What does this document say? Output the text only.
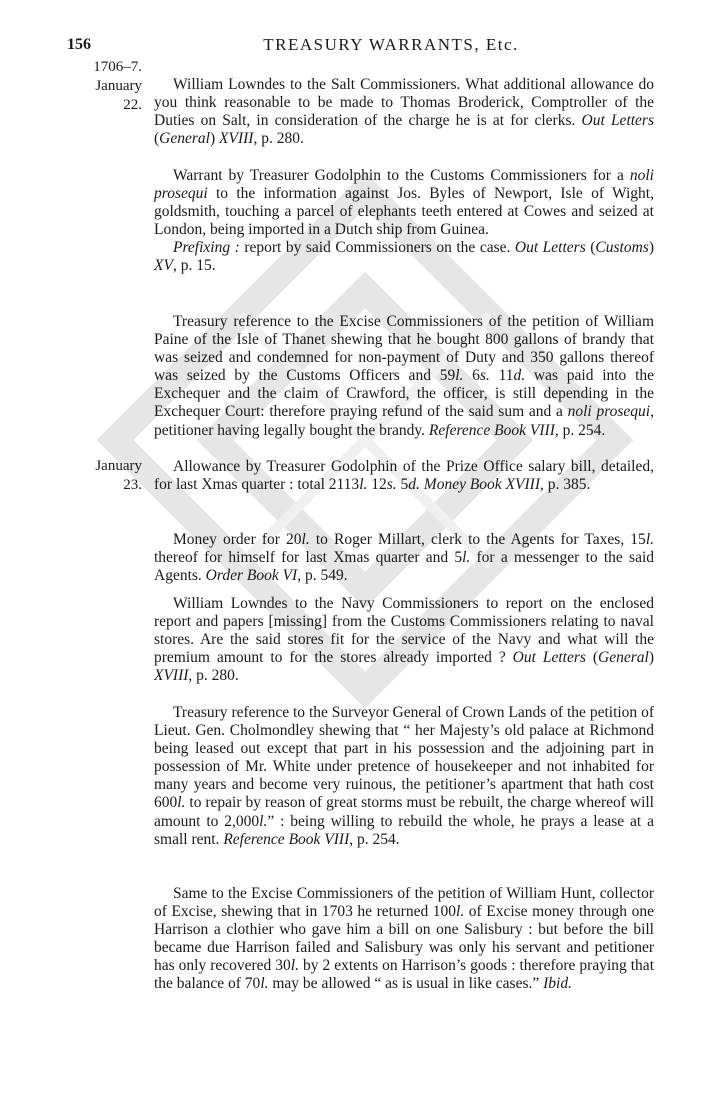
156	TREASURY WARRANTS, Etc.
1706–7.
January
22.
January
23.

William Lowndes to the Salt Commissioners. What additional allowance do you think reasonable to be made to Thomas Broderick, Comptroller of the Duties on Salt, in consideration of the charge he is at for clerks. Out Letters (General) XVIII, p. 280.

Warrant by Treasurer Godolphin to the Customs Commissioners for a noli prosequi to the information against Jos. Byles of Newport, Isle of Wight, goldsmith, touching a parcel of elephants teeth entered at Cowes and seized at London, being imported in a Dutch ship from Guinea.

Prefixing : report by said Commissioners on the case. Out Letters (Customs) XV, p. 15.

Treasury reference to the Excise Commissioners of the petition of William Paine of the Isle of Thanet shewing that he bought 800 gallons of brandy that was seized and condemned for non-payment of Duty and 350 gallons thereof was seized by the Customs Officers and 59l. 6s. 11d. was paid into the Exchequer and the claim of Crawford, the officer, is still depending in the Exchequer Court: therefore praying refund of the said sum and a noli prosequi, petitioner having legally bought the brandy. Reference Book VIII, p. 254.

Allowance by Treasurer Godolphin of the Prize Office salary bill, detailed, for last Xmas quarter : total 2113l. 12s. 5d. Money Book XVIII, p. 385.

Money order for 20l. to Roger Millart, clerk to the Agents for Taxes, 15l. thereof for himself for last Xmas quarter and 5l. for a messenger to the said Agents. Order Book VI, p. 549.

William Lowndes to the Navy Commissioners to report on the enclosed report and papers [missing] from the Customs Commissioners relating to naval stores. Are the said stores fit for the service of the Navy and what will the premium amount to for the stores already imported ? Out Letters (General) XVIII, p. 280.

Treasury reference to the Surveyor General of Crown Lands of the petition of Lieut. Gen. Cholmondley shewing that “ her Majesty’s old palace at Richmond being leased out except that part in his possession and the adjoining part in possession of Mr. White under pretence of housekeeper and not inhabited for many years and become very ruinous, the petitioner’s apartment that hath cost 600l. to repair by reason of great storms must be rebuilt, the charge whereof will amount to 2,000l.” : being willing to rebuild the whole, he prays a lease at a small rent. Reference Book VIII, p. 254.

Same to the Excise Commissioners of the petition of William Hunt, collector of Excise, shewing that in 1703 he returned 100l. of Excise money through one Harrison a clothier who gave him a bill on one Salisbury : but before the bill became due Harrison failed and Salisbury was only his servant and petitioner has only recovered 30l. by 2 extents on Harrison’s goods : therefore praying that the balance of 70l. may be allowed “ as is usual in like cases.” Ibid.
